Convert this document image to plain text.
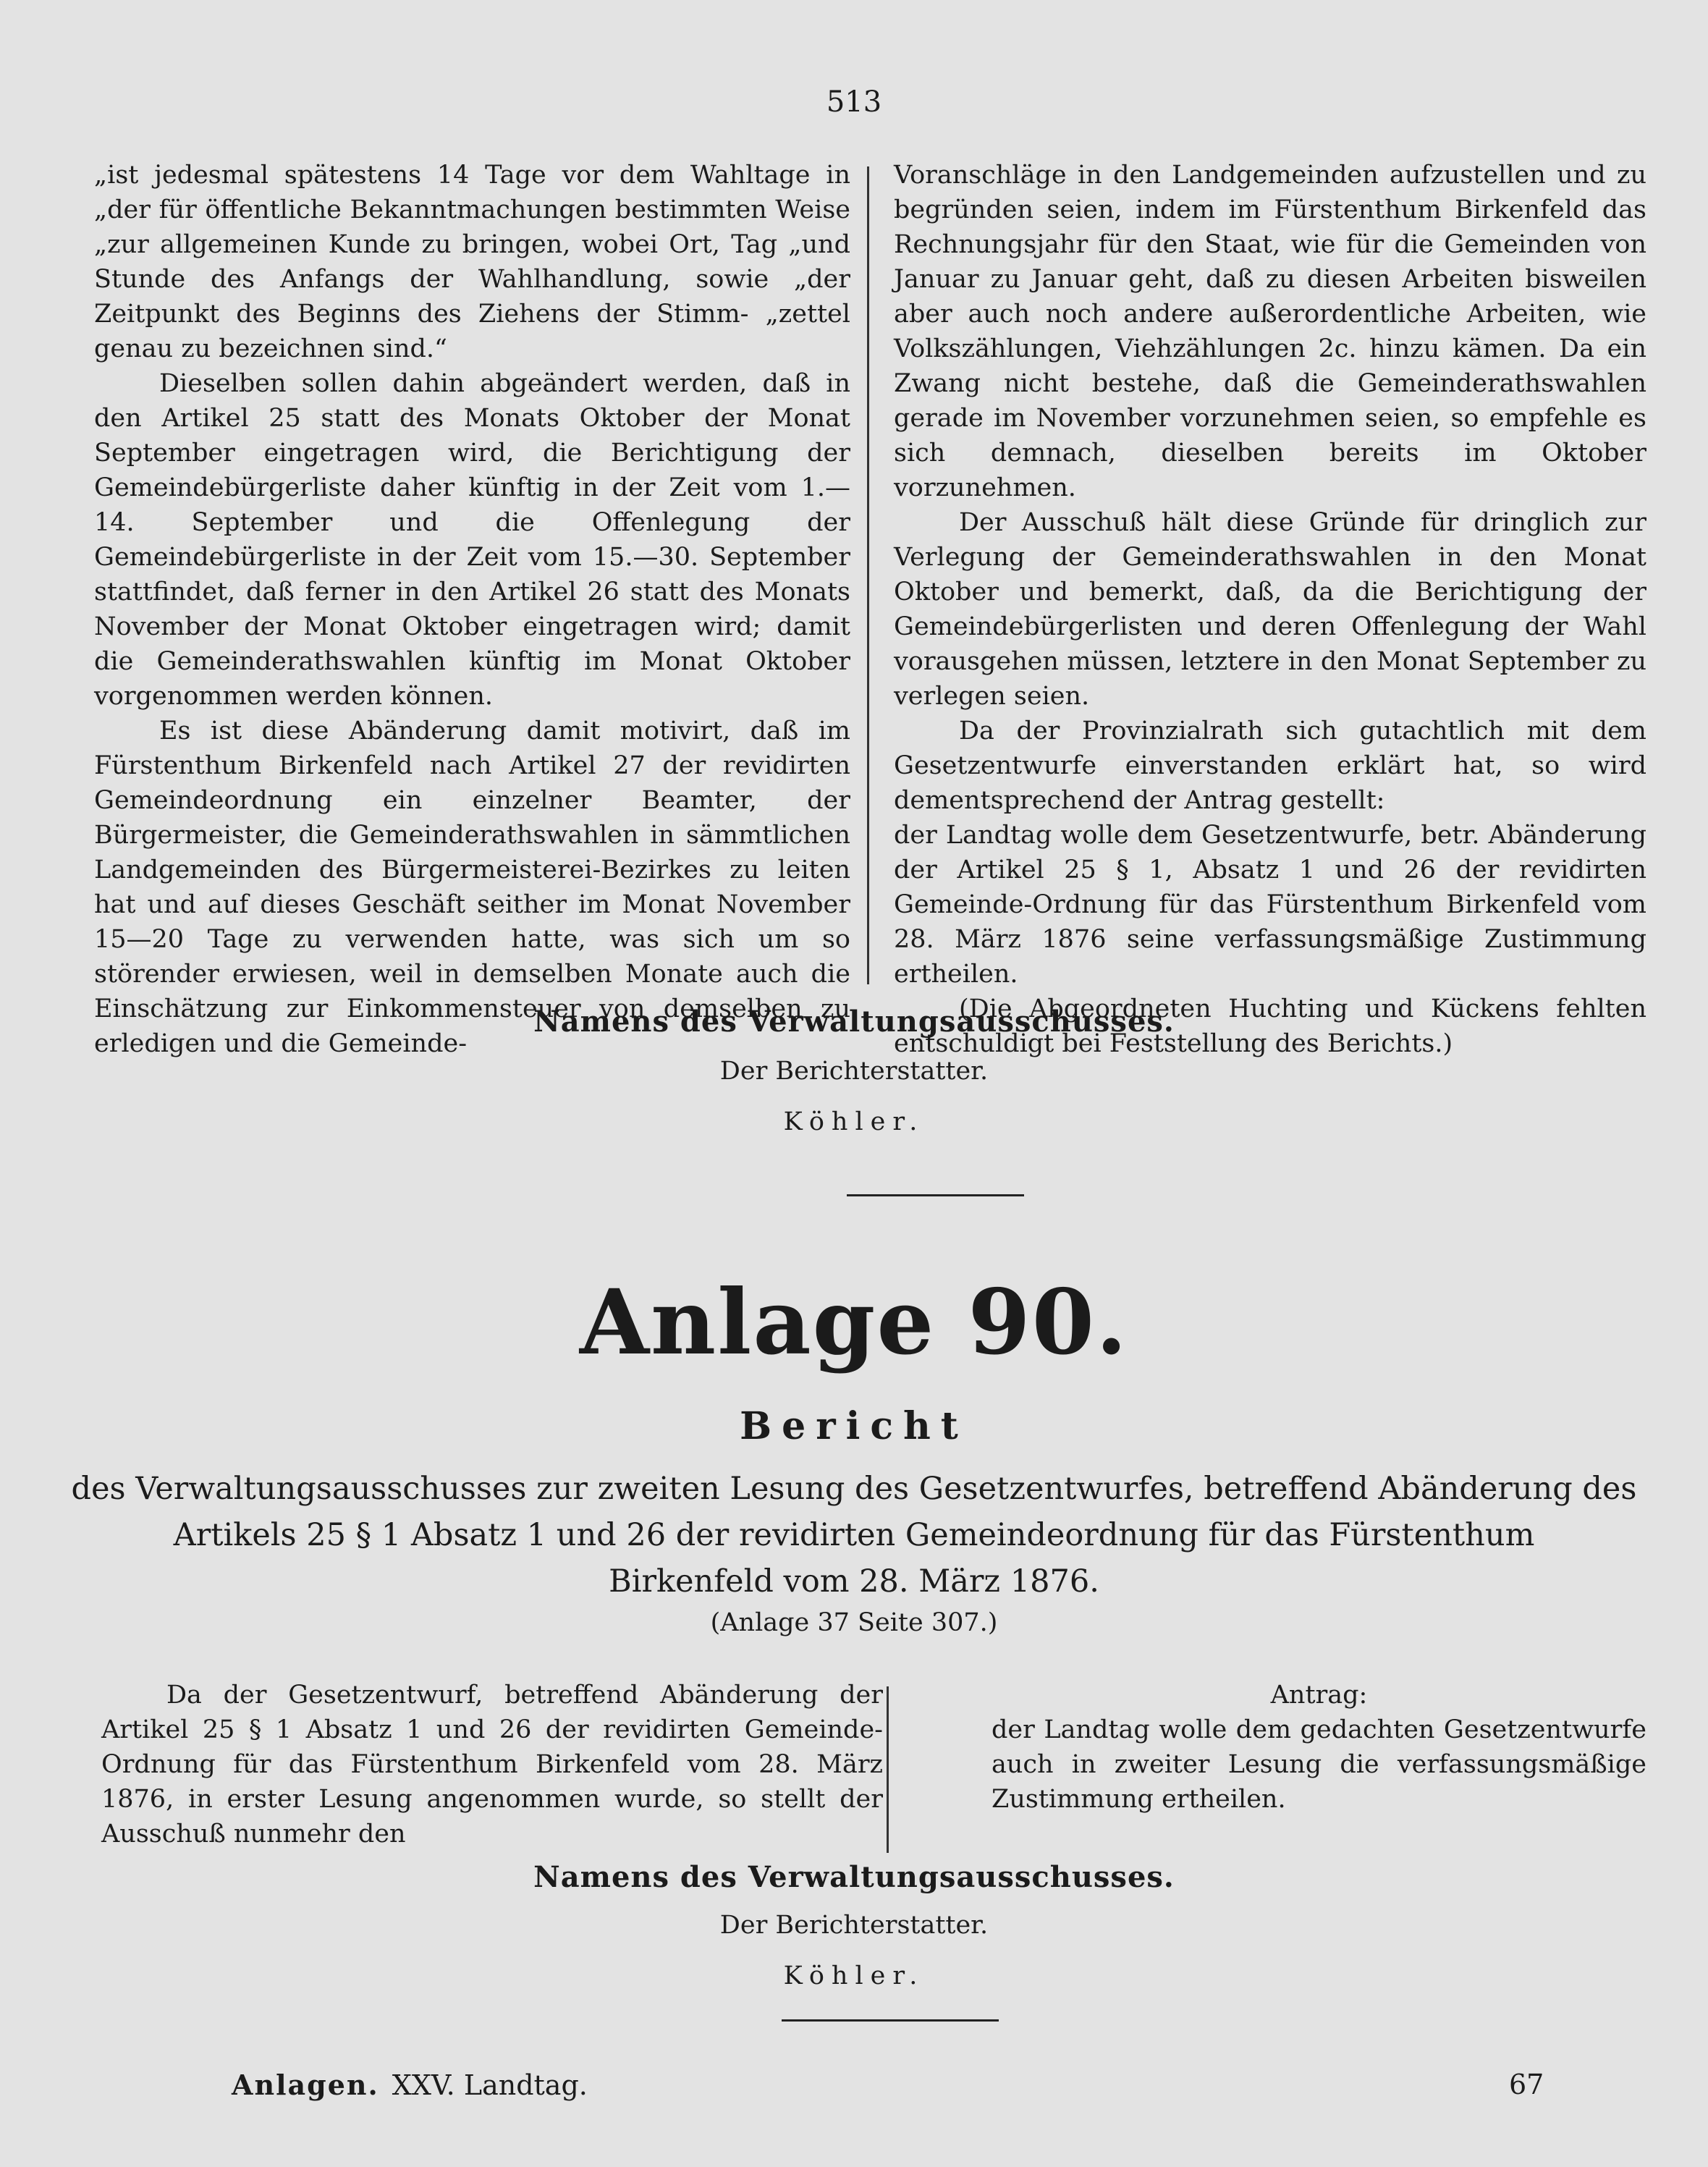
513

„ist jedesmal spätestens 14 Tage vor dem Wahltage in „der für öffentliche Bekanntmachungen bestimmten Weise „zur allgemeinen Kunde zu bringen, wobei Ort, Tag „und Stunde des Anfangs der Wahlhandlung, sowie „der Zeitpunkt des Beginns des Ziehens der Stimm- „zettel genau zu bezeichnen sind.“

Dieselben sollen dahin abgeändert werden, daß in den Artikel 25 statt des Monats Oktober der Monat September eingetragen wird, die Berichtigung der Gemeindebürgerliste daher künftig in der Zeit vom 1.—14. September und die Offenlegung der Gemeindebürgerliste in der Zeit vom 15.—30. September stattfindet, daß ferner in den Artikel 26 statt des Monats November der Monat Oktober eingetragen wird; damit die Gemeinderathswahlen künftig im Monat Oktober vorgenommen werden können.

Es ist diese Abänderung damit motivirt, daß im Fürstenthum Birkenfeld nach Artikel 27 der revidirten Gemeindeordnung ein einzelner Beamter, der Bürgermeister, die Gemeinderathswahlen in sämmtlichen Landgemeinden des Bürgermeisterei-Bezirkes zu leiten hat und auf dieses Geschäft seither im Monat November 15—20 Tage zu verwenden hatte, was sich um so störender erwiesen, weil in demselben Monate auch die Einschätzung zur Einkommensteuer von demselben zu erledigen und die Gemeinde-

Voranschläge in den Landgemeinden aufzustellen und zu begründen seien, indem im Fürstenthum Birkenfeld das Rechnungsjahr für den Staat, wie für die Gemeinden von Januar zu Januar geht, daß zu diesen Arbeiten bisweilen aber auch noch andere außerordentliche Arbeiten, wie Volkszählungen, Viehzählungen 2c. hinzu kämen. Da ein Zwang nicht bestehe, daß die Gemeinderathswahlen gerade im November vorzunehmen seien, so empfehle es sich demnach, dieselben bereits im Oktober vorzunehmen.

Der Ausschuß hält diese Gründe für dringlich zur Verlegung der Gemeinderathswahlen in den Monat Oktober und bemerkt, daß, da die Berichtigung der Gemeindebürgerlisten und deren Offenlegung der Wahl vorausgehen müssen, letztere in den Monat September zu verlegen seien.

Da der Provinzialrath sich gutachtlich mit dem Gesetzentwurfe einverstanden erklärt hat, so wird dementsprechend der Antrag gestellt:

der Landtag wolle dem Gesetzentwurfe, betr. Abänderung der Artikel 25 § 1, Absatz 1 und 26 der revidirten Gemeinde-Ordnung für das Fürstenthum Birkenfeld vom 28. März 1876 seine verfassungsmäßige Zustimmung ertheilen.

(Die Abgeordneten Huchting und Kückens fehlten entschuldigt bei Feststellung des Berichts.)

Namens des Verwaltungsausschusses.
Der Berichterstatter.
Köhler.
Anlage 90.
Bericht
des Verwaltungsausschusses zur zweiten Lesung des Gesetzentwurfes, betreffend Abänderung des
Artikels 25 § 1 Absatz 1 und 26 der revidirten Gemeindeordnung für das Fürstenthum
Birkenfeld vom 28. März 1876.
(Anlage 37 Seite 307.)

Da der Gesetzentwurf, betreffend Abänderung der Artikel 25 § 1 Absatz 1 und 26 der revidirten Gemeinde-Ordnung für das Fürstenthum Birkenfeld vom 28. März 1876, in erster Lesung angenommen wurde, so stellt der Ausschuß nunmehr den

Antrag:

der Landtag wolle dem gedachten Gesetzentwurfe auch in zweiter Lesung die verfassungsmäßige Zustimmung ertheilen.

Namens des Verwaltungsausschusses.
Der Berichterstatter.
Köhler.
Anlagen. XXV. Landtag.	67
